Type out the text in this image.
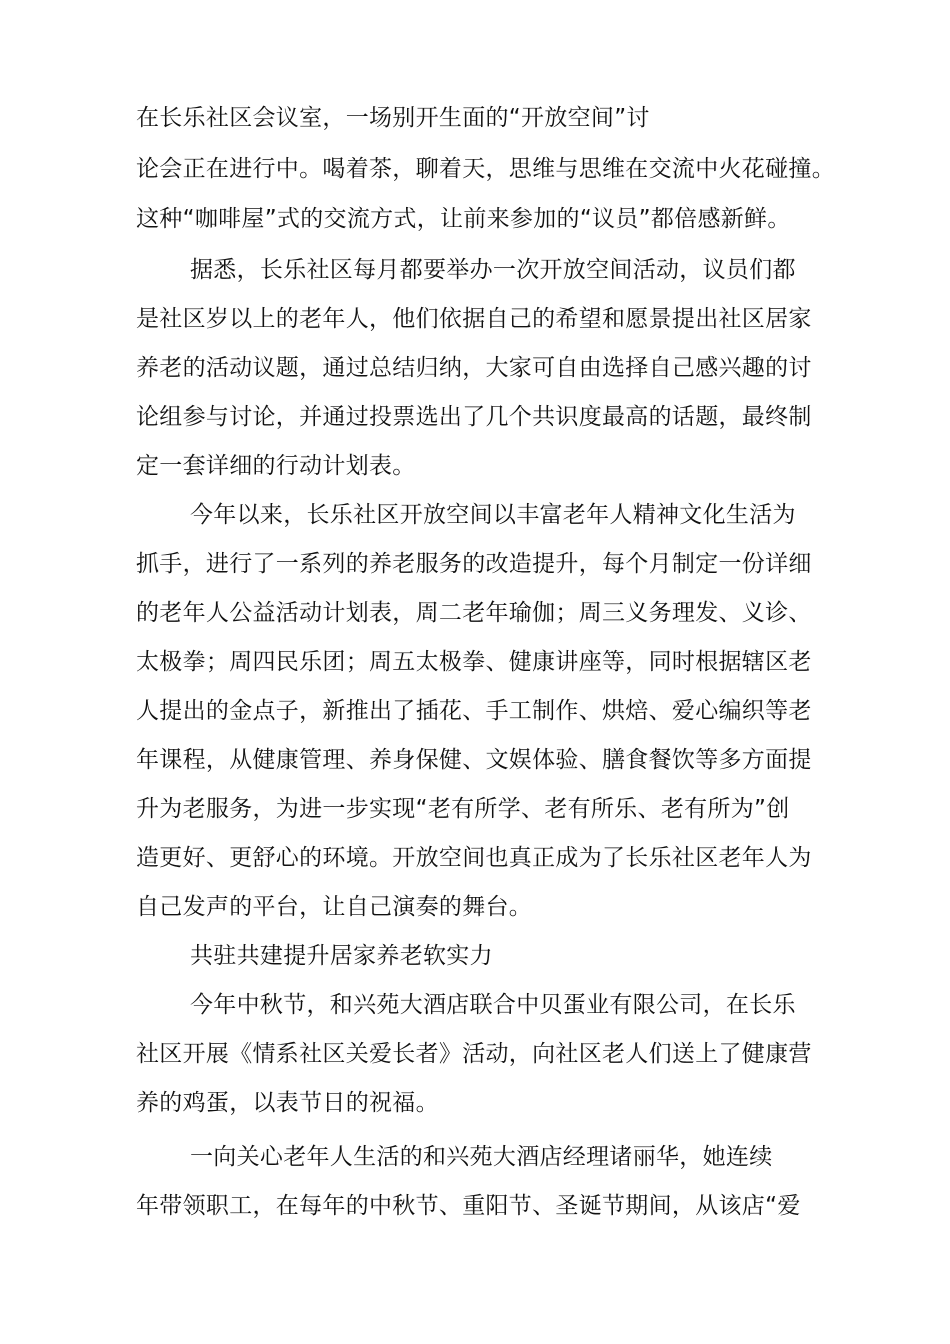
在长乐社区会议室，一场别开生面的“开放空间”讨
论会正在进行中。喝着茶，聊着天，思维与思维在交流中火花碰撞。
这种“咖啡屋”式的交流方式，让前来参加的“议员”都倍感新鲜。
据悉，长乐社区每月都要举办一次开放空间活动，议员们都
是社区岁以上的老年人，他们依据自己的希望和愿景提出社区居家
养老的活动议题，通过总结归纳，大家可自由选择自己感兴趣的讨
论组参与讨论，并通过投票选出了几个共识度最高的话题，最终制
定一套详细的行动计划表。
今年以来，长乐社区开放空间以丰富老年人精神文化生活为
抓手，进行了一系列的养老服务的改造提升，每个月制定一份详细
的老年人公益活动计划表，周二老年瑜伽；周三义务理发、义诊、
太极拳；周四民乐团；周五太极拳、健康讲座等，同时根据辖区老
人提出的金点子，新推出了插花、手工制作、烘焙、爱心编织等老
年课程，从健康管理、养身保健、文娱体验、膳食餐饮等多方面提
升为老服务，为进一步实现“老有所学、老有所乐、老有所为”创
造更好、更舒心的环境。开放空间也真正成为了长乐社区老年人为
自己发声的平台，让自己演奏的舞台。
共驻共建提升居家养老软实力
今年中秋节，和兴苑大酒店联合中贝蛋业有限公司，在长乐
社区开展《情系社区关爱长者》活动，向社区老人们送上了健康营
养的鸡蛋，以表节日的祝福。
一向关心老年人生活的和兴苑大酒店经理诸丽华，她连续
年带领职工，在每年的中秋节、重阳节、圣诞节期间，从该店“爱
